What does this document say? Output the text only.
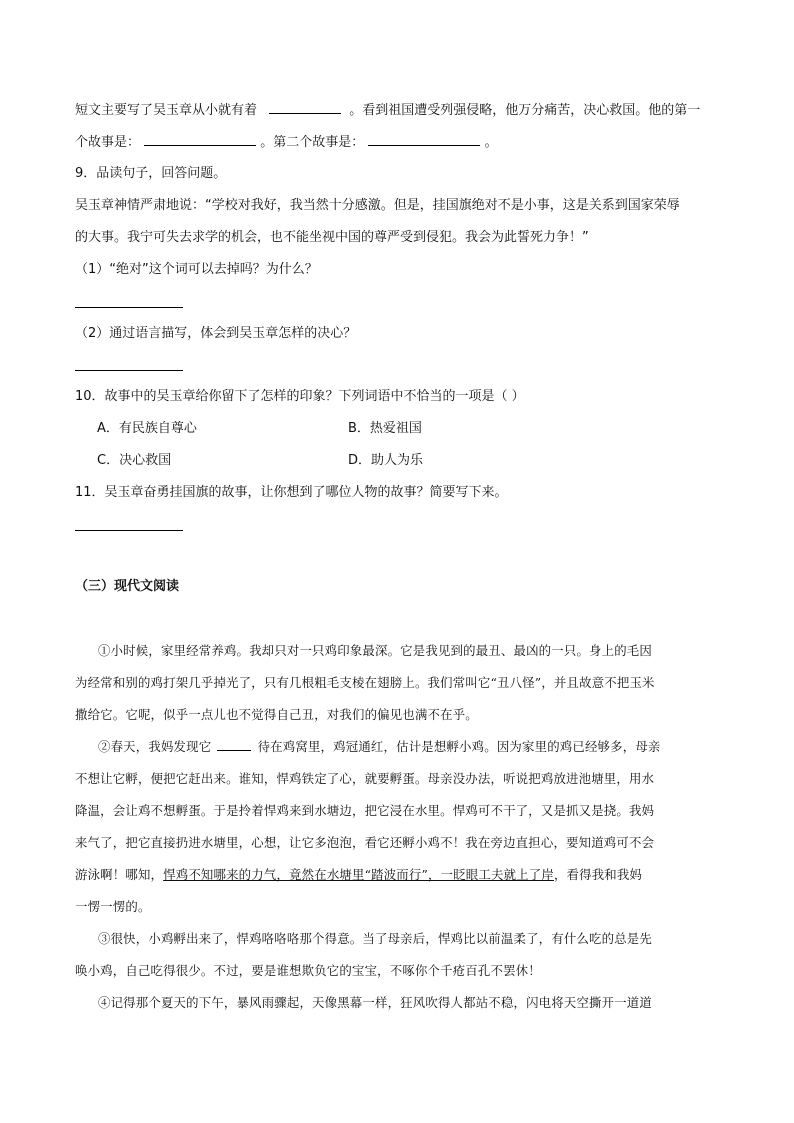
短文主要写了吴玉章从小就有着	。看到祖国遭受列强侵略，他万分痛苦，决心救国。他的第一
个故事是：	。第二个故事是：	。
9．品读句子，回答问题。
吴玉章神情严肃地说：“学校对我好，我当然十分感激。但是，挂国旗绝对不是小事，这是关系到国家荣辱
的大事。我宁可失去求学的机会，也不能坐视中国的尊严受到侵犯。我会为此誓死力争！”
（1）“绝对”这个词可以去掉吗？为什么？
（2）通过语言描写，体会到吴玉章怎样的决心？
10．故事中的吴玉章给你留下了怎样的印象？下列词语中不恰当的一项是（ ）
A．有民族自尊心	B．热爱祖国
C．决心救国	D．助人为乐
11．吴玉章奋勇挂国旗的故事，让你想到了哪位人物的故事？简要写下来。
（三）现代文阅读
①小时候，家里经常养鸡。我却只对一只鸡印象最深。它是我见到的最丑、最凶的一只。身上的毛因
为经常和别的鸡打架几乎掉光了，只有几根粗毛支棱在翅膀上。我们常叫它“丑八怪”，并且故意不把玉米
撒给它。它呢，似乎一点儿也不觉得自己丑，对我们的偏见也满不在乎。
②春天，我妈发现它	待在鸡窝里，鸡冠通红，估计是想孵小鸡。因为家里的鸡已经够多，母亲
不想让它孵，便把它赶出来。谁知，悍鸡铁定了心，就要孵蛋。母亲没办法，听说把鸡放进池塘里，用水
降温，会让鸡不想孵蛋。于是拎着悍鸡来到水塘边，把它浸在水里。悍鸡可不干了，又是抓又是挠。我妈
来气了，把它直接扔进水塘里，心想，让它多泡泡，看它还孵小鸡不！我在旁边直担心，要知道鸡可不会
游泳啊！哪知，悍鸡不知哪来的力气，竟然在水塘里“踏波而行”，一眨眼工夫就上了岸，看得我和我妈
一愣一愣的。
③很快，小鸡孵出来了，悍鸡咯咯咯那个得意。当了母亲后，悍鸡比以前温柔了，有什么吃的总是先
唤小鸡，自己吃得很少。不过，要是谁想欺负它的宝宝，不啄你个千疮百孔不罢休！
④记得那个夏天的下午，暴风雨骤起，天像黑幕一样，狂风吹得人都站不稳，闪电将天空撕开一道道
